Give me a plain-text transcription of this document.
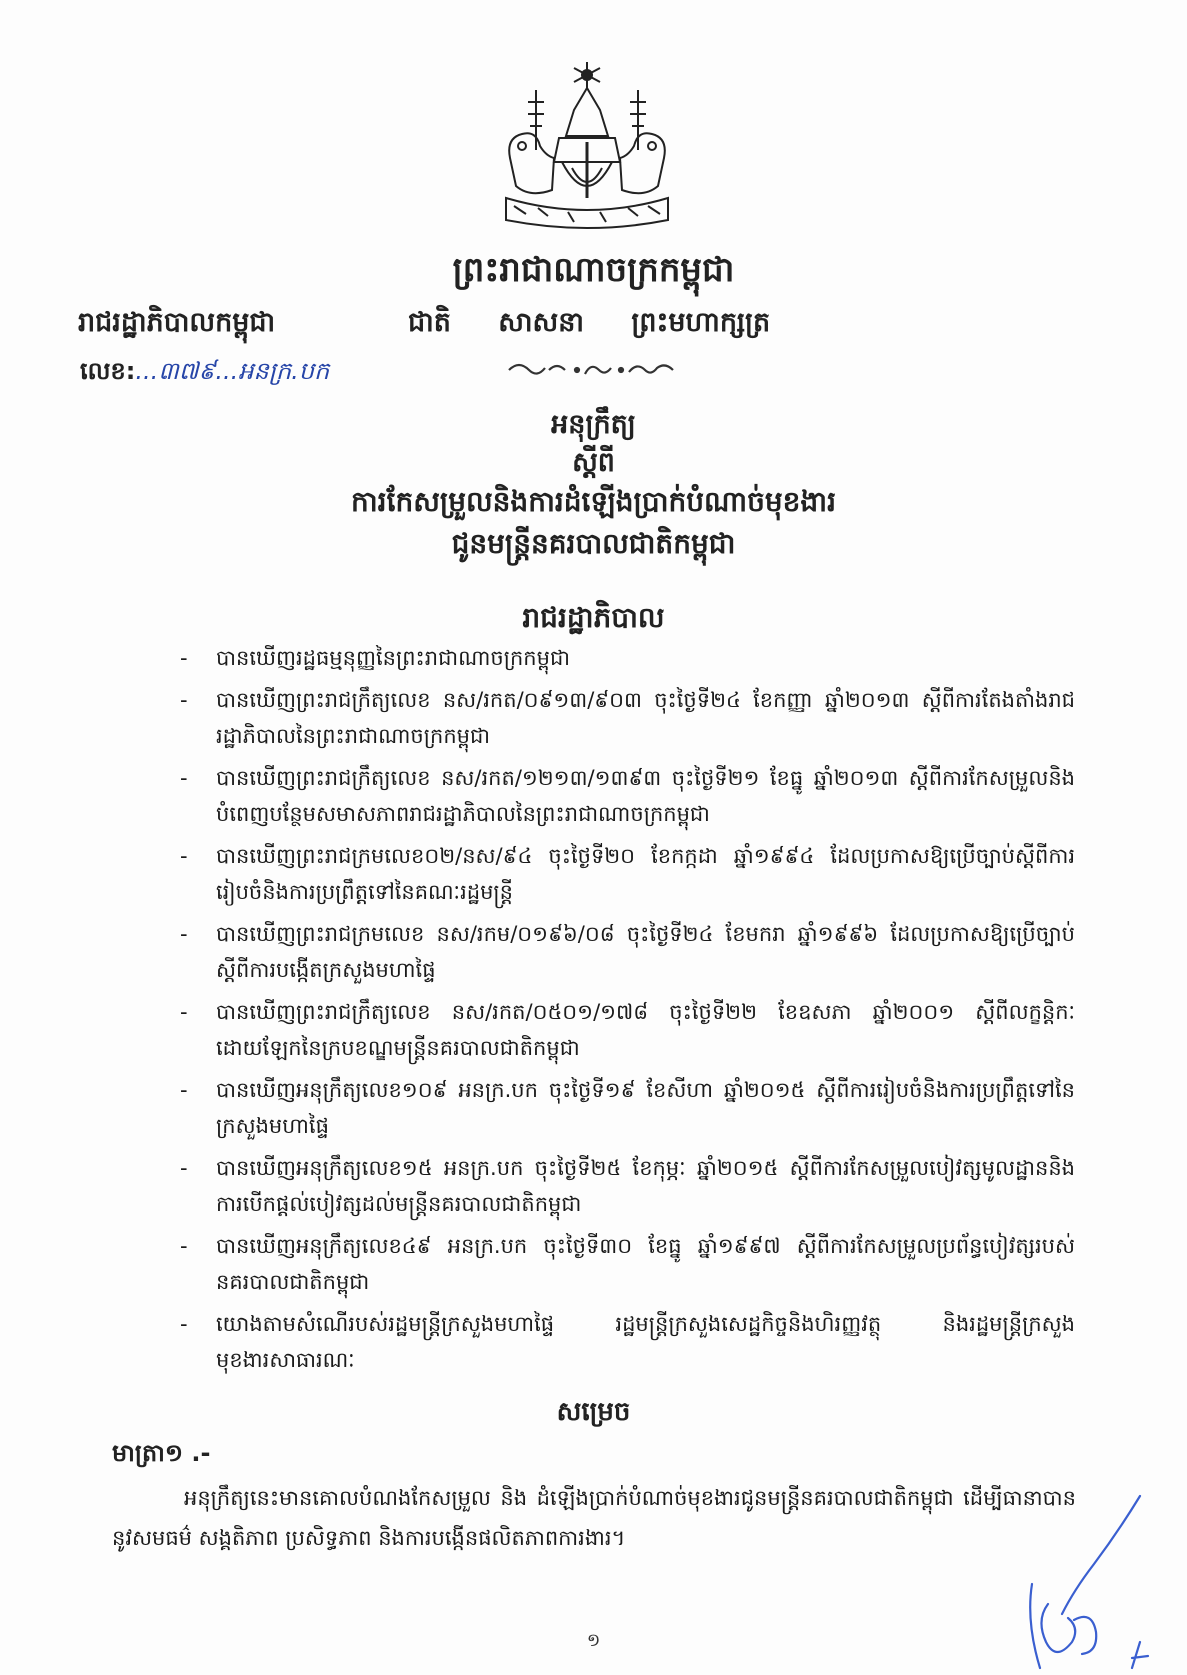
ព្រះរាជាណាចក្រកម្ពុជា
រាជរដ្ឋាភិបាលកម្ពុជា	ជាតិ សាសនា ព្រះមហាក្សត្រ
លេខ:...៣៧៩...អនក្រ.បក
អនុក្រឹត្យ
ស្តីពី
ការកែសម្រួលនិងការដំឡើងប្រាក់បំណាច់មុខងារ
ជូនមន្ត្រីនគរបាលជាតិកម្ពុជា
រាជរដ្ឋាភិបាល
- បានឃើញរដ្ឋធម្មនុញ្ញនៃព្រះរាជាណាចក្រកម្ពុជា
- បានឃើញព្រះរាជក្រឹត្យលេខ នស/រកត/០៩១៣/៩០៣ ចុះថ្ងៃទី២៤ ខែកញ្ញា ឆ្នាំ២០១៣ ស្តីពីការតែងតាំងរាជរដ្ឋាភិបាលនៃព្រះរាជាណាចក្រកម្ពុជា
- បានឃើញព្រះរាជក្រឹត្យលេខ នស/រកត/១២១៣/១៣៩៣ ចុះថ្ងៃទី២១ ខែធ្នូ ឆ្នាំ២០១៣ ស្តីពីការកែសម្រួលនិងបំពេញបន្ថែមសមាសភាពរាជរដ្ឋាភិបាលនៃព្រះរាជាណាចក្រកម្ពុជា
- បានឃើញព្រះរាជក្រមលេខ០២/នស/៩៤ ចុះថ្ងៃទី២០ ខែកក្កដា ឆ្នាំ១៩៩៤ ដែលប្រកាសឱ្យប្រើច្បាប់ស្តីពីការរៀបចំនិងការប្រព្រឹត្តទៅនៃគណៈរដ្ឋមន្ត្រី
- បានឃើញព្រះរាជក្រមលេខ នស/រកម/០១៩៦/០៨ ចុះថ្ងៃទី២៤ ខែមករា ឆ្នាំ១៩៩៦ ដែលប្រកាសឱ្យប្រើច្បាប់ស្តីពីការបង្កើតក្រសួងមហាផ្ទៃ
- បានឃើញព្រះរាជក្រឹត្យលេខ នស/រកត/០៥០១/១៧៨ ចុះថ្ងៃទី២២ ខែឧសភា ឆ្នាំ២០០១ ស្តីពីលក្ខន្តិកៈដោយឡែកនៃក្របខណ្ឌមន្ត្រីនគរបាលជាតិកម្ពុជា
- បានឃើញអនុក្រឹត្យលេខ១០៩ អនក្រ.បក ចុះថ្ងៃទី១៩ ខែសីហា ឆ្នាំ២០១៥ ស្តីពីការរៀបចំនិងការប្រព្រឹត្តទៅនៃក្រសួងមហាផ្ទៃ
- បានឃើញអនុក្រឹត្យលេខ១៥ អនក្រ.បក ចុះថ្ងៃទី២៥ ខែកុម្ភៈ ឆ្នាំ២០១៥ ស្តីពីការកែសម្រួលបៀវត្សមូលដ្ឋាននិងការបើកផ្តល់បៀវត្សដល់មន្ត្រីនគរបាលជាតិកម្ពុជា
- បានឃើញអនុក្រឹត្យលេខ៤៩ អនក្រ.បក ចុះថ្ងៃទី៣០ ខែធ្នូ ឆ្នាំ១៩៩៧ ស្តីពីការកែសម្រួលប្រព័ន្ធបៀវត្សរបស់នគរបាលជាតិកម្ពុជា
- យោងតាមសំណើរបស់រដ្ឋមន្ត្រីក្រសួងមហាផ្ទៃ រដ្ឋមន្ត្រីក្រសួងសេដ្ឋកិច្ចនិងហិរញ្ញវត្ថុ និងរដ្ឋមន្ត្រីក្រសួងមុខងារសាធារណៈ
សម្រេច
មាត្រា១ .-
អនុក្រឹត្យនេះមានគោលបំណងកែសម្រួល និង ដំឡើងប្រាក់បំណាច់មុខងារជូនមន្ត្រីនគរបាលជាតិកម្ពុជា ដើម្បីធានាបាននូវសមធម៌ សង្គតិភាព ប្រសិទ្ធភាព និងការបង្កើនផលិតភាពការងារ។
១
